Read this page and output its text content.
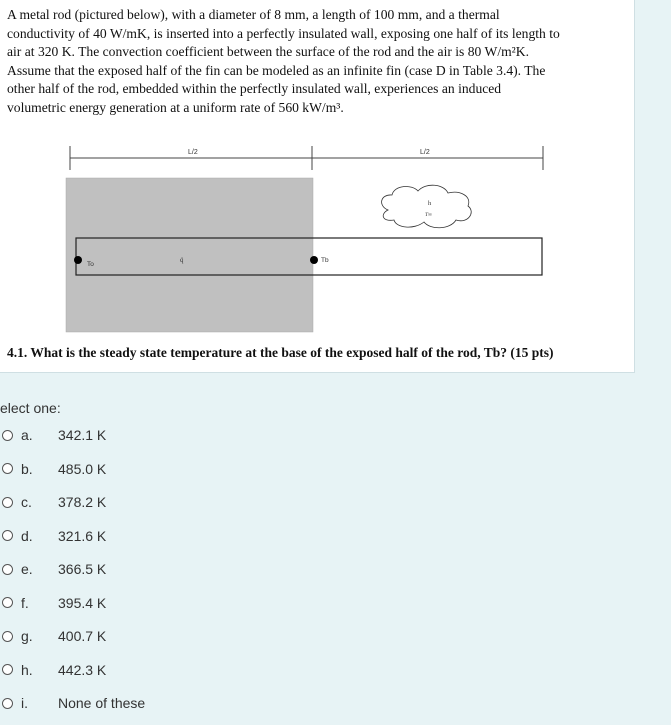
A metal rod (pictured below), with a diameter of 8 mm, a length of 100 mm, and a thermal

conductivity of 40 W/mK, is inserted into a perfectly insulated wall, exposing one half of its length to

air at 320 K. The convection coefficient between the surface of the rod and the air is 80 W/m²K.

Assume that the exposed half of the fin can be modeled as an infinite fin (case D in Table 3.4). The

other half of the rod, embedded within the perfectly insulated wall, experiences an induced

volumetric energy generation at a uniform rate of 560 kW/m³.

L/2	L/2
To
q̇	Tb
h
T∞
4.1. What is the steady state temperature at the base of the exposed half of the rod, Tb? (15 pts)
elect one:
a.	342.1 K
b.	485.0 K
c.	378.2 K
d.	321.6 K
e.	366.5 K
f.	395.4 K
g.	400.7 K
h.	442.3 K
i.	None of these
